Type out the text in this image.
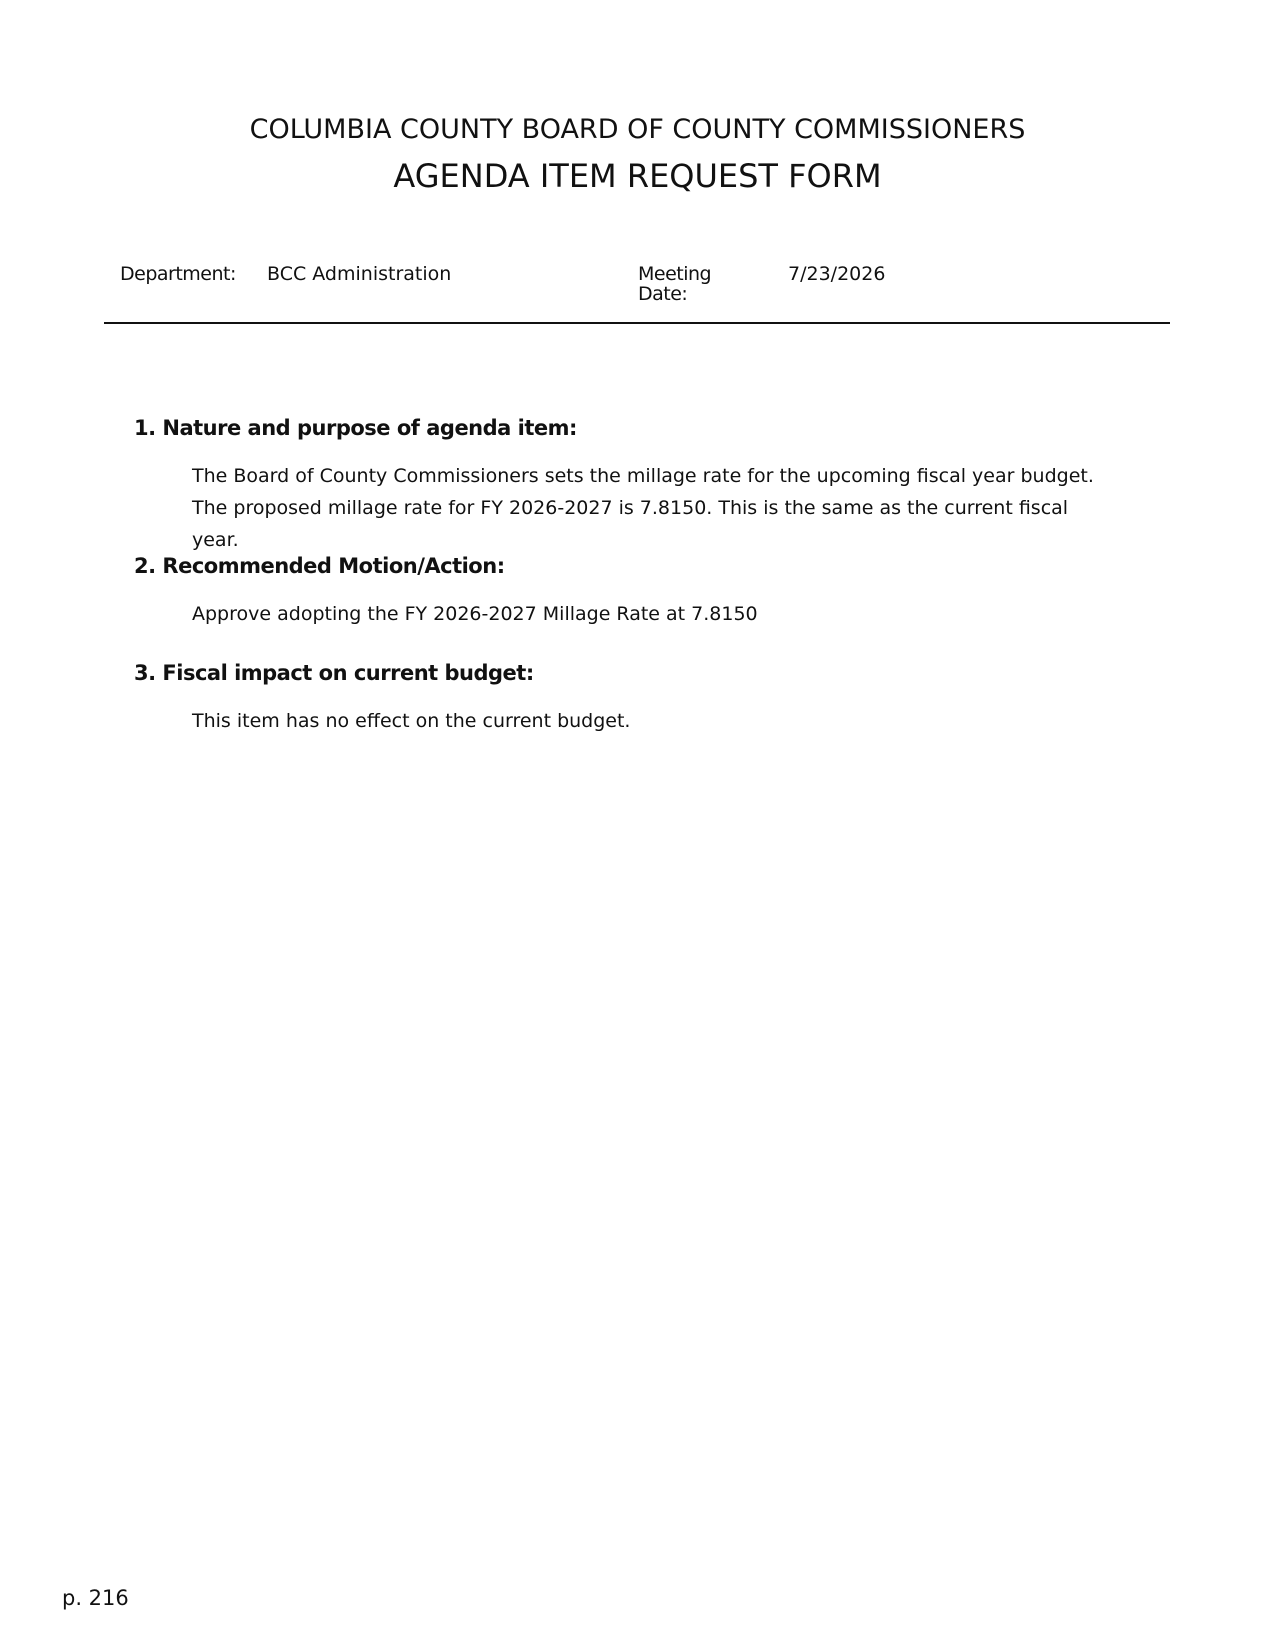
COLUMBIA COUNTY BOARD OF COUNTY COMMISSIONERS
AGENDA ITEM REQUEST FORM
Department: BCC Administration	Meeting
Date:
7/23/2026
1. Nature and purpose of agenda item:
The Board of County Commissioners sets the millage rate for the upcoming fiscal year budget. The proposed millage rate for FY 2026-2027 is 7.8150. This is the same as the current fiscal year.
2. Recommended Motion/Action:
Approve adopting the FY 2026-2027 Millage Rate at 7.8150
3. Fiscal impact on current budget:
This item has no effect on the current budget.
p. 216
